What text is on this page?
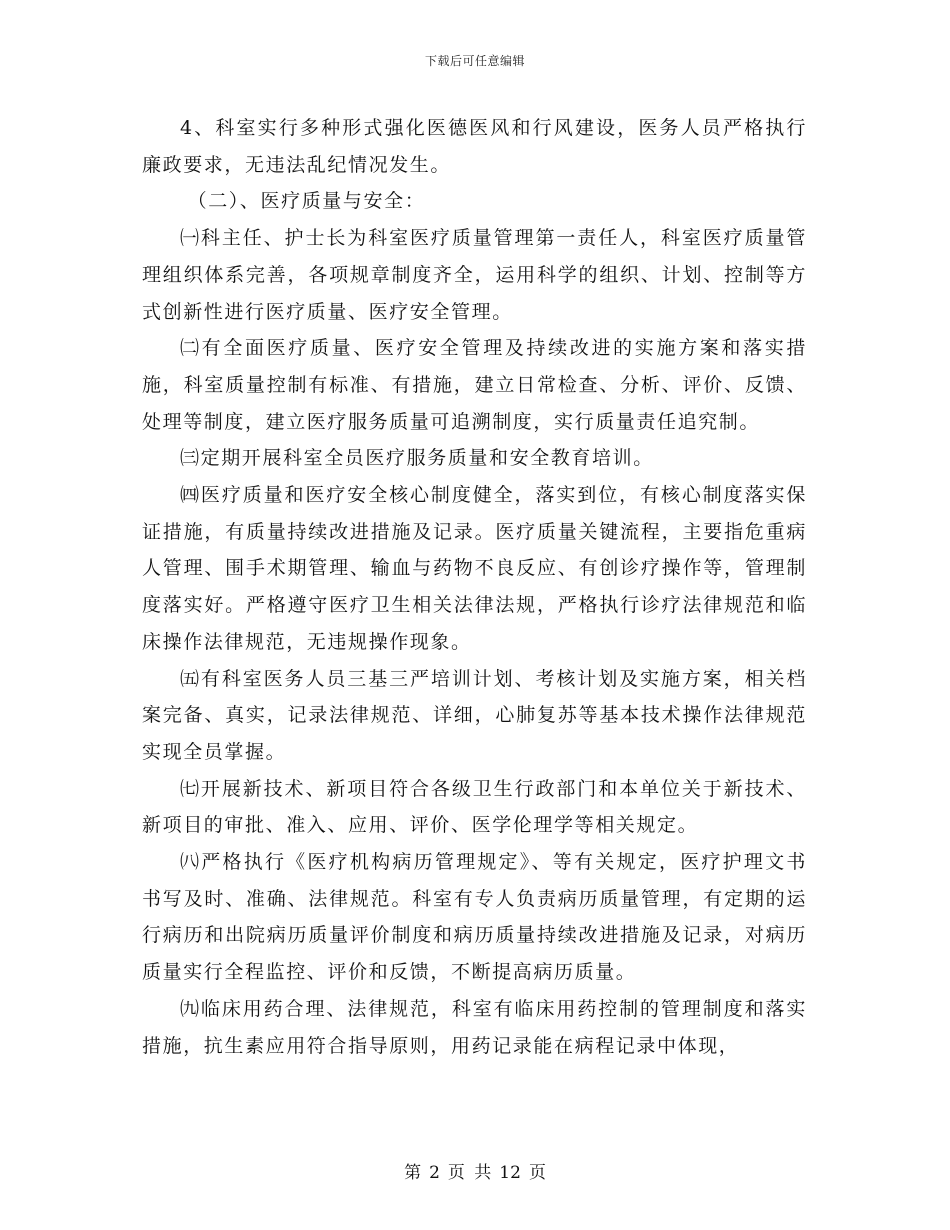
下载后可任意编辑

4、科室实行多种形式强化医德医风和行风建设，医务人员严格执行廉政要求，无违法乱纪情况发生。

（二）、医疗质量与安全：

㈠科主任、护士长为科室医疗质量管理第一责任人，科室医疗质量管理组织体系完善，各项规章制度齐全，运用科学的组织、计划、控制等方式创新性进行医疗质量、医疗安全管理。

㈡有全面医疗质量、医疗安全管理及持续改进的实施方案和落实措施，科室质量控制有标准、有措施，建立日常检查、分析、评价、反馈、处理等制度，建立医疗服务质量可追溯制度，实行质量责任追究制。

㈢定期开展科室全员医疗服务质量和安全教育培训。

㈣医疗质量和医疗安全核心制度健全，落实到位，有核心制度落实保证措施，有质量持续改进措施及记录。医疗质量关键流程，主要指危重病人管理、围手术期管理、输血与药物不良反应、有创诊疗操作等，管理制度落实好。严格遵守医疗卫生相关法律法规，严格执行诊疗法律规范和临床操作法律规范，无违规操作现象。

㈤有科室医务人员三基三严培训计划、考核计划及实施方案，相关档案完备、真实，记录法律规范、详细，心肺复苏等基本技术操作法律规范实现全员掌握。

㈦开展新技术、新项目符合各级卫生行政部门和本单位关于新技术、新项目的审批、准入、应用、评价、医学伦理学等相关规定。

㈧严格执行《医疗机构病历管理规定》、等有关规定，医疗护理文书书写及时、准确、法律规范。科室有专人负责病历质量管理，有定期的运行病历和出院病历质量评价制度和病历质量持续改进措施及记录，对病历质量实行全程监控、评价和反馈，不断提高病历质量。

㈨临床用药合理、法律规范，科室有临床用药控制的管理制度和落实措施，抗生素应用符合指导原则，用药记录能在病程记录中体现，

第 2 页 共 12 页
